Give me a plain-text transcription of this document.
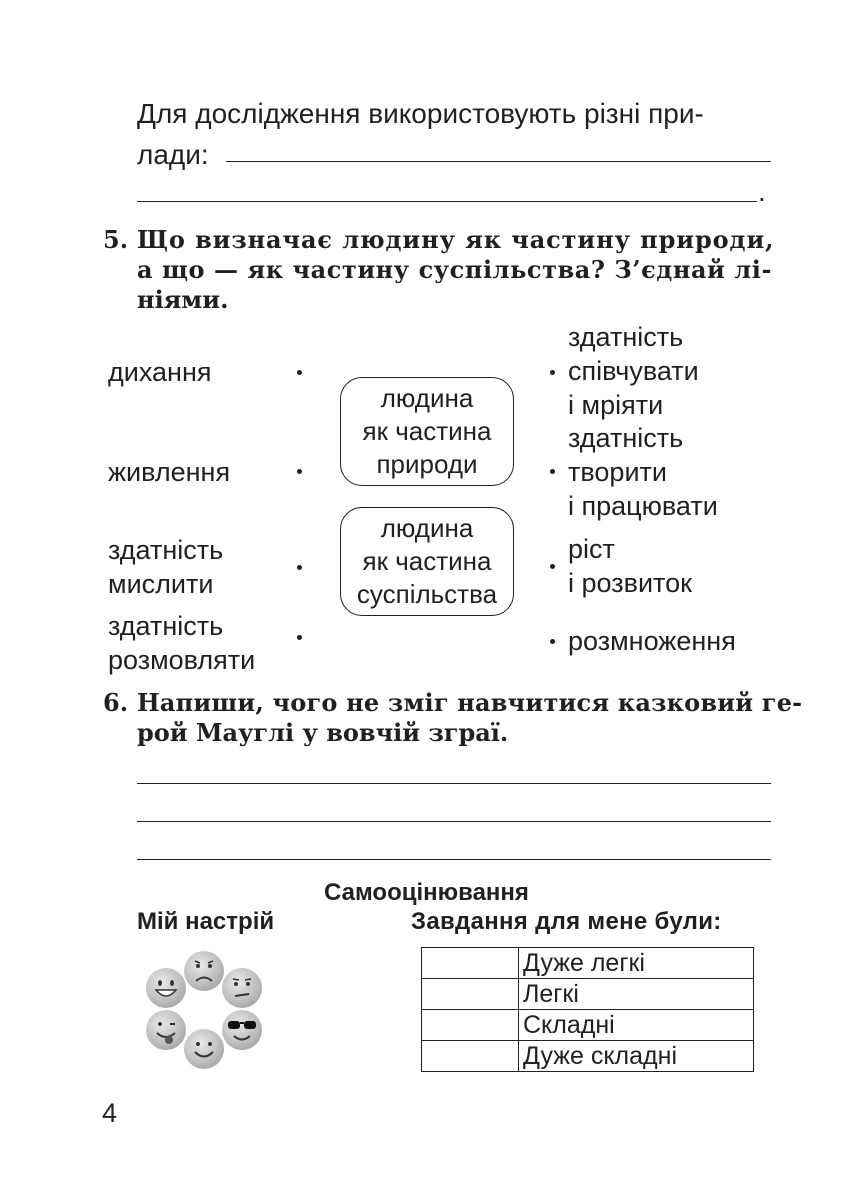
Для дослідження використовують різні при-
лади:
.
5. Що визначає людину як частину природи,
а що — як частину суспільства? З’єднай лі-
ніями.
дихання
живлення
здатність
мислити
здатність
розмовляти
людина
як частина
природи
людина
як частина
суспільства
здатність
співчувати
і мріяти
здатність
творити
і працювати
ріст
і розвиток
розмноження
6. Напиши, чого не зміг навчитися казковий ге-
рой Мауглі у вовчій зграї.
Самооцінювання
Мій настрій	Завдання для мене були:
	Дуже легкі
	Легкі
	Складні
	Дуже складні
4
